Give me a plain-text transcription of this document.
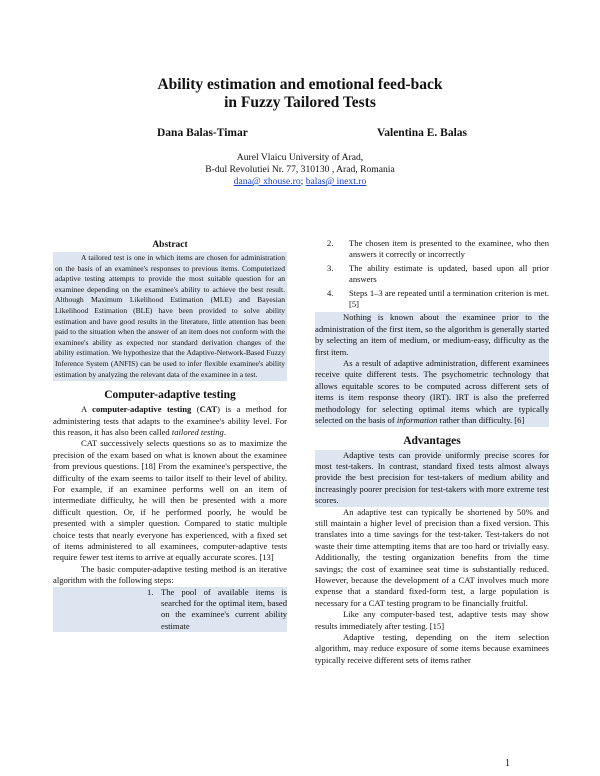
Ability estimation and emotional feed-back
in Fuzzy Tailored Tests
Dana Balas-Timar	Valentina E. Balas
Aurel Vlaicu University of Arad,
B-dul Revolutiei Nr. 77, 310130 , Arad, Romania
dana@ xhouse.ro; balas@ inext.ro
Abstract
A tailored test is one in which items are chosen for administration on the basis of an examinee's responses to previous items. Computerized adaptive testing attempts to provide the most suitable question for an examinee depending on the examinee's ability to achieve the best result. Although Maximum Likelihood Estimation (MLE) and Bayesian Likelihood Estimation (BLE) have been provided to solve ability estimation and have good results in the literature, little attention has been paid to the situation when the answer of an item does not conform with the examinee's ability as expected nor standard derivation changes of the ability estimation. We hypothesize that the Adaptive-Network-Based Fuzzy Inference System (ANFIS) can be used to infer flexible examinee's ability estimation by analyzing the relevant data of the examinee in a test.
Computer-adaptive testing

A computer-adaptive testing (CAT) is a method for administering tests that adapts to the examinee's ability level. For this reason, it has also been called tailored testing.

CAT successively selects questions so as to maximize the precision of the exam based on what is known about the examinee from previous questions. [18] From the examinee's perspective, the difficulty of the exam seems to tailor itself to their level of ability. For example, if an examinee performs well on an item of intermediate difficulty, he will then be presented with a more difficult question. Or, if he performed poorly, he would be presented with a simpler question. Compared to static multiple choice tests that nearly everyone has experienced, with a fixed set of items administered to all examinees, computer-adaptive tests require fewer test items to arrive at equally accurate scores. [13]

The basic computer-adaptive testing method is an iterative algorithm with the following steps:

1. The pool of available items is searched for the optimal item, based on the examinee's current ability estimate
2. The chosen item is presented to the examinee, who then answers it correctly or incorrectly
3. The ability estimate is updated, based upon all prior answers
4. Steps 1–3 are repeated until a termination criterion is met. [5]

Nothing is known about the examinee prior to the administration of the first item, so the algorithm is generally started by selecting an item of medium, or medium-easy, difficulty as the first item.

As a result of adaptive administration, different examinees receive quite different tests. The psychometric technology that allows equitable scores to be computed across different sets of items is item response theory (IRT). IRT is also the preferred methodology for selecting optimal items which are typically selected on the basis of information rather than difficulty. [6]

Advantages

Adaptive tests can provide uniformly precise scores for most test-takers. In contrast, standard fixed tests almost always provide the best precision for test-takers of medium ability and increasingly poorer precision for test-takers with more extreme test scores.

An adaptive test can typically be shortened by 50% and still maintain a higher level of precision than a fixed version. This translates into a time savings for the test-taker. Test-takers do not waste their time attempting items that are too hard or trivially easy. Additionally, the testing organization benefits from the time savings; the cost of examinee seat time is substantially reduced. However, because the development of a CAT involves much more expense that a standard fixed-form test, a large population is necessary for a CAT testing program to be financially fruitful.

Like any computer-based test, adaptive tests may show results immediately after testing. [15]

Adaptive testing, depending on the item selection algorithm, may reduce exposure of some items because examinees typically receive different sets of items rather

1
